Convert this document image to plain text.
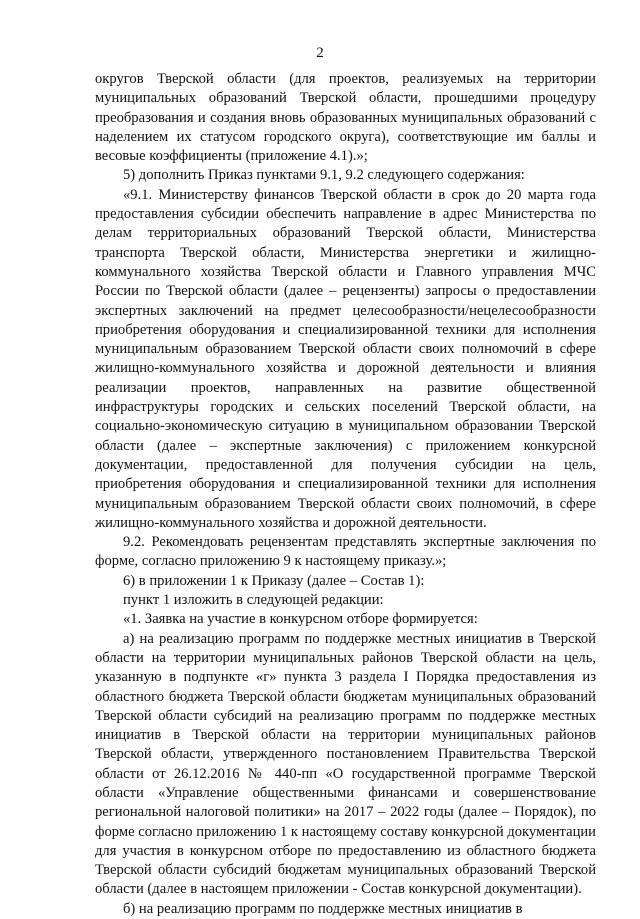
2

округов Тверской области (для проектов, реализуемых на территории муниципальных образований Тверской области, прошедшими процедуру преобразования и создания вновь образованных муниципальных образований с наделением их статусом городского округа), соответствующие им баллы и весовые коэффициенты (приложение 4.1).»;

5) дополнить Приказ пунктами 9.1, 9.2 следующего содержания:

«9.1. Министерству финансов Тверской области в срок до 20 марта года предоставления субсидии обеспечить направление в адрес Министерства по делам территориальных образований Тверской области, Министерства транспорта Тверской области, Министерства энергетики и жилищно-коммунального хозяйства Тверской области и Главного управления МЧС России по Тверской области (далее – рецензенты) запросы о предоставлении экспертных заключений на предмет целесообразности/нецелесообразности приобретения оборудования и специализированной техники для исполнения муниципальным образованием Тверской области своих полномочий в сфере жилищно-коммунального хозяйства и дорожной деятельности и влияния реализации проектов, направленных на развитие общественной инфраструктуры городских и сельских поселений Тверской области, на социально-экономическую ситуацию в муниципальном образовании Тверской области (далее – экспертные заключения) с приложением конкурсной документации, предоставленной для получения субсидии на цель, приобретения оборудования и специализированной техники для исполнения муниципальным образованием Тверской области своих полномочий, в сфере жилищно-коммунального хозяйства и дорожной деятельности.

9.2. Рекомендовать рецензентам представлять экспертные заключения по форме, согласно приложению 9 к настоящему приказу.»;

6) в приложении 1 к Приказу (далее – Состав 1):

пункт 1 изложить в следующей редакции:

«1. Заявка на участие в конкурсном отборе формируется:

а) на реализацию программ по поддержке местных инициатив в Тверской области на территории муниципальных районов Тверской области на цель, указанную в подпункте «г» пункта 3 раздела I Порядка предоставления из областного бюджета Тверской области бюджетам муниципальных образований Тверской области субсидий на реализацию программ по поддержке местных инициатив в Тверской области на территории муниципальных районов Тверской области, утвержденного постановлением Правительства Тверской области от 26.12.2016 № 440-пп «О государственной программе Тверской области «Управление общественными финансами и совершенствование региональной налоговой политики» на 2017 – 2022 годы (далее – Порядок), по форме согласно приложению 1 к настоящему составу конкурсной документации для участия в конкурсном отборе по предоставлению из областного бюджета Тверской области субсидий бюджетам муниципальных образований Тверской области (далее в настоящем приложении - Состав конкурсной документации).

б) на реализацию программ по поддержке местных инициатив в
